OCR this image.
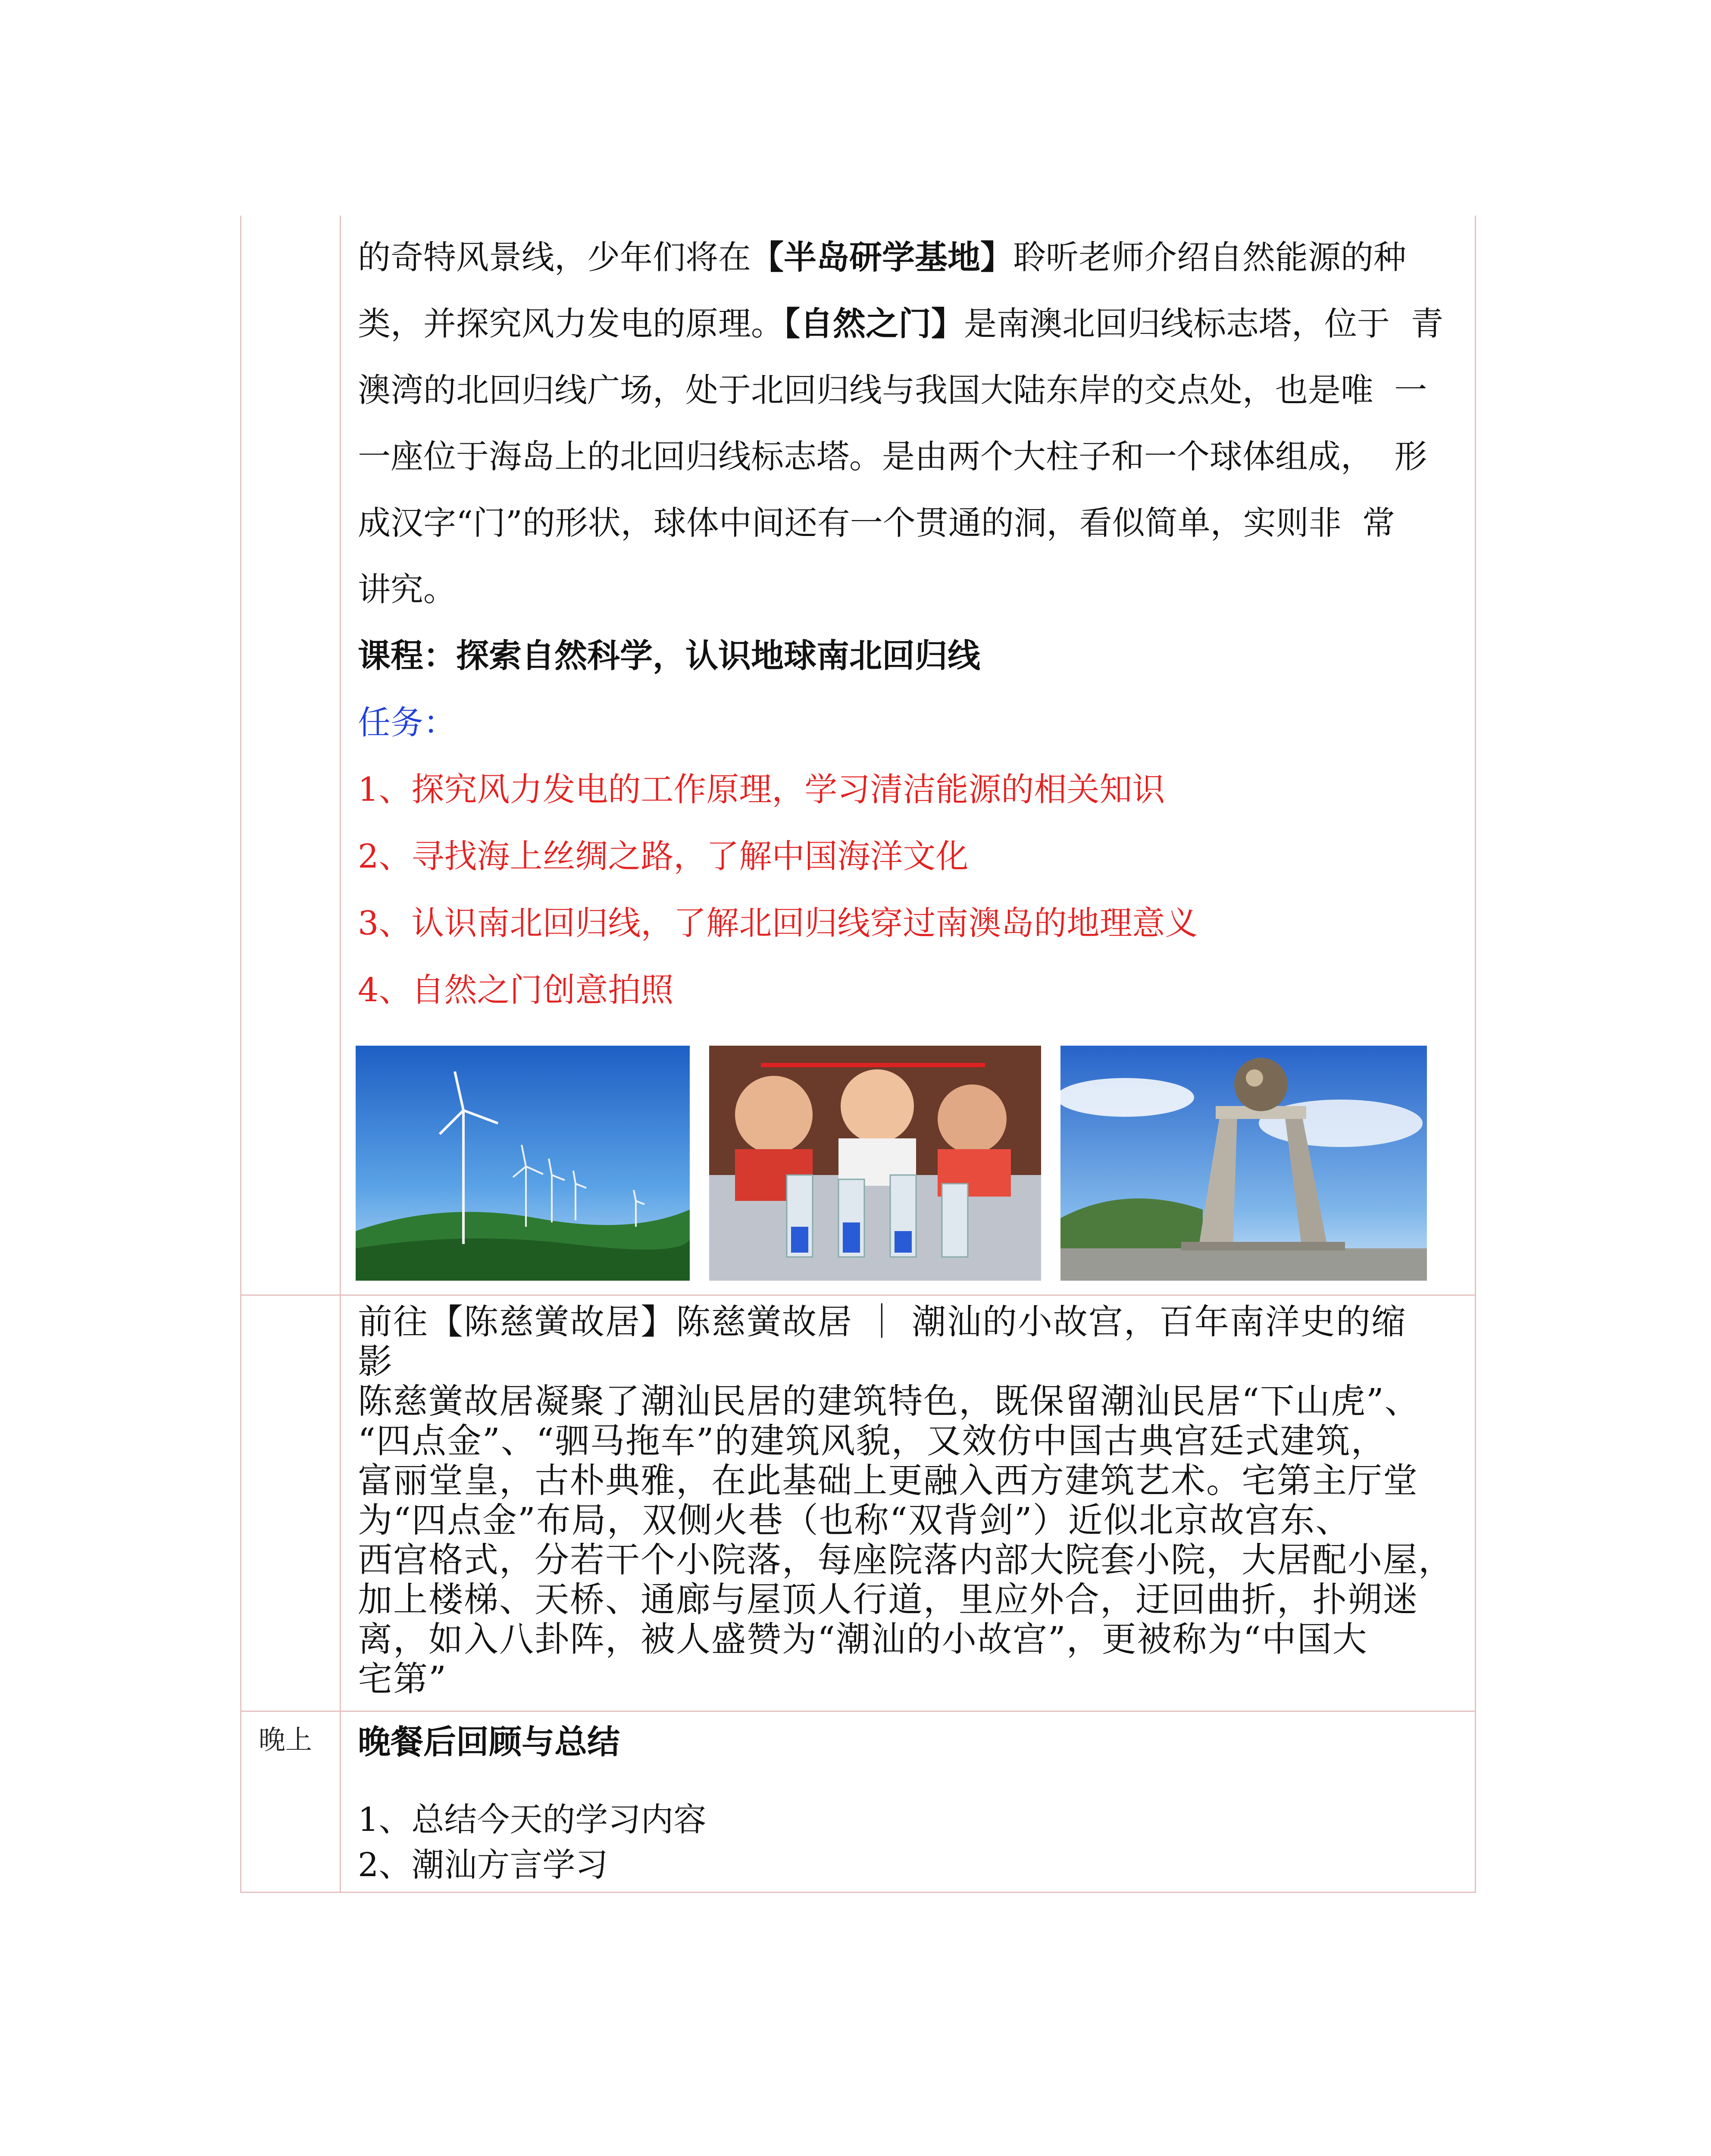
的奇特风景线，少年们将在【半岛研学基地】聆听老师介绍自然能源的种
类，并探究风力发电的原理。【自然之门】是南澳北回归线标志塔，位于  青
澳湾的北回归线广场，处于北回归线与我国大陆东岸的交点处，也是唯  一
一座位于海岛上的北回归线标志塔。是由两个大柱子和一个球体组成，  形
成汉字“门”的形状，球体中间还有一个贯通的洞，看似简单，实则非  常
讲究。

课程：探索自然科学，认识地球南北回归线

任务：

1、探究风力发电的工作原理，学习清洁能源的相关知识

2、寻找海上丝绸之路，了解中国海洋文化

3、认识南北回归线，了解北回归线穿过南澳岛的地理意义

4、自然之门创意拍照

前往【陈慈黉故居】陈慈黉故居 ｜ 潮汕的小故宫，百年南洋史的缩

影

陈慈黉故居凝聚了潮汕民居的建筑特色，既保留潮汕民居“下山虎”、
“四点金”、“驷马拖车”的建筑风貌，又效仿中国古典宫廷式建筑，
富丽堂皇，古朴典雅，在此基础上更融入西方建筑艺术。宅第主厅堂
为“四点金”布局，双侧火巷（也称“双背剑”）近似北京故宫东、
西宫格式，分若干个小院落，每座院落内部大院套小院，大居配小屋，
加上楼梯、天桥、通廊与屋顶人行道，里应外合，迂回曲折，扑朔迷
离，如入八卦阵，被人盛赞为“潮汕的小故宫”，更被称为“中国大
宅第”
晚上 晚餐后回顾与总结

1、总结今天的学习内容

2、潮汕方言学习
